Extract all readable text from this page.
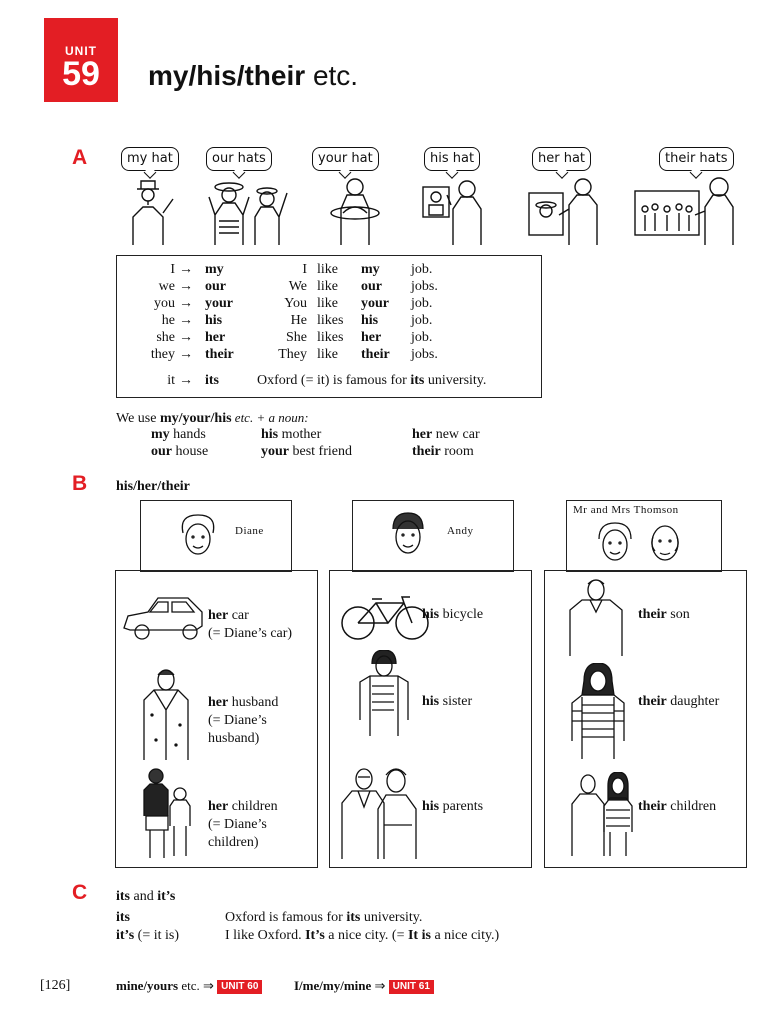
UNIT
59	my/his/their etc.
A	my hat	our hats	your hat	his hat	her hat	their hats
I → my	I like my job.
we → our	We like our jobs.
you → your	You like your job.
he → his	He likes his job.
she → her	She likes her job.
they → their	They like their jobs.
it → its	Oxford (= it) is famous for its university.
We use my/your/his etc. + a noun:
my hands	his mother	her new car
our house	your best friend	their room
B his/her/their
Diane	Andy
Mr and Mrs Thomson
her car
(= Diane’s car)
her husband
(= Diane’s husband)
her children
(= Diane’s children)
his bicycle
his sister
his parents
their son
their daughter
their children
C its and it’s
its	Oxford is famous for its university.
it’s (= it is)	I like Oxford. It’s a nice city. (= It is a nice city.)
[126]	mine/yours etc. ⇒ UNIT 60	I/me/my/mine ⇒ UNIT 61
